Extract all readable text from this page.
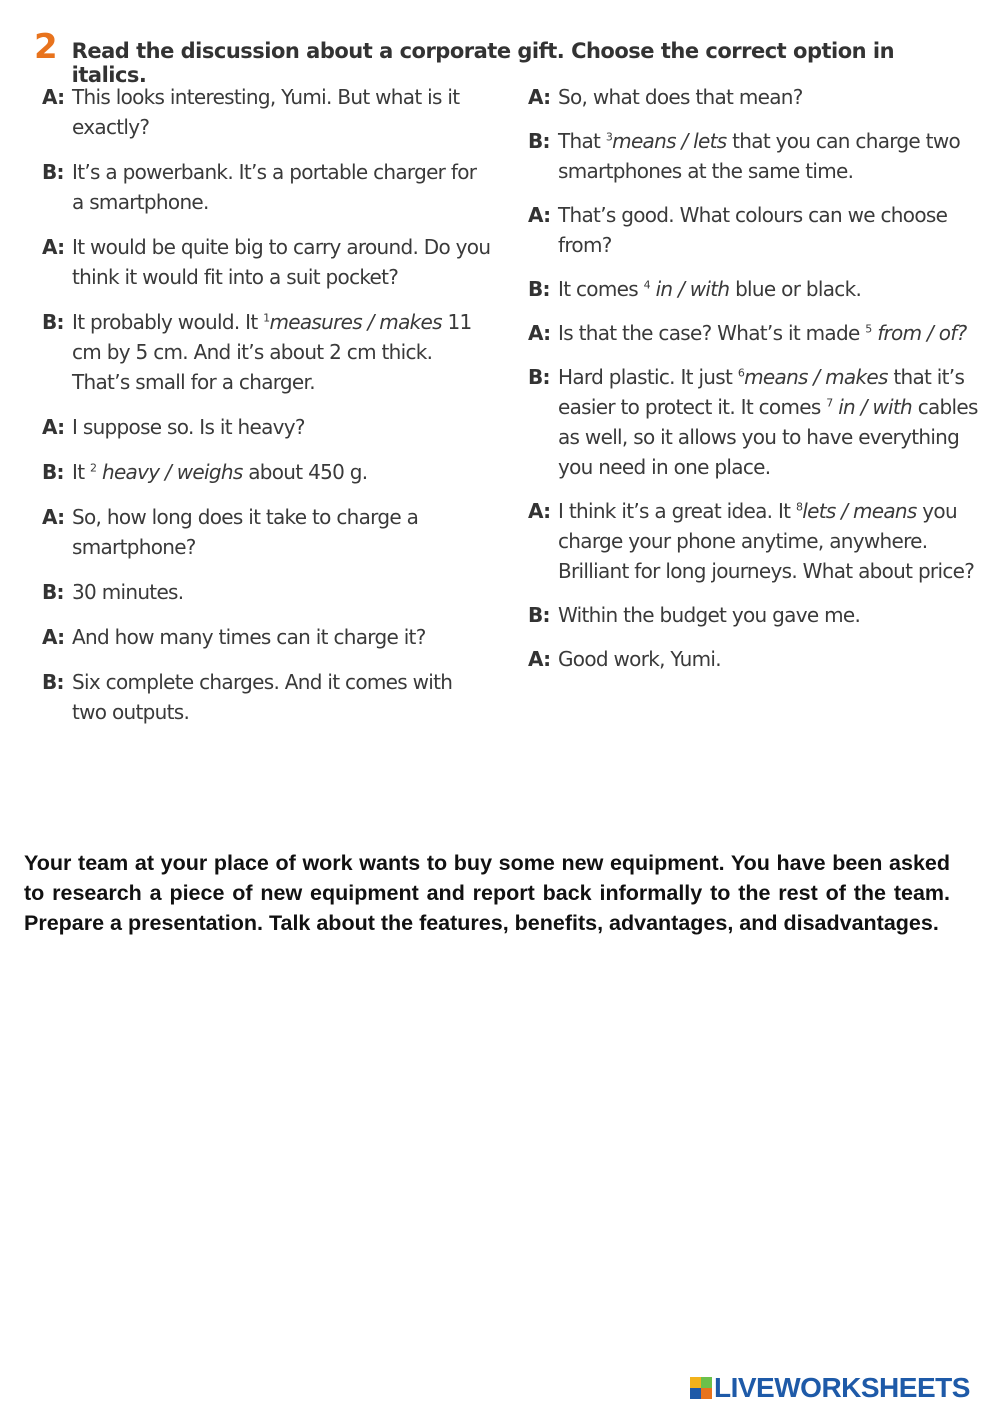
2 Read the discussion about a corporate gift. Choose the correct option in italics.
A: This looks interesting, Yumi. But what is it exactly?
B: It’s a powerbank. It’s a portable charger for a smartphone.
A: It would be quite big to carry around. Do you think it would fit into a suit pocket?
B: It probably would. It $^1$measures / makes 11 cm by 5 cm. And it’s about 2 cm thick. That’s small for a charger.
A: I suppose so. Is it heavy?
B: It $^2$ heavy / weighs about 450 g.
A: So, how long does it take to charge a smartphone?
B: 30 minutes.
A: And how many times can it charge it?
B: Six complete charges. And it comes with two outputs.
A: So, what does that mean?
B: That $^3$means / lets that you can charge two smartphones at the same time.
A: That’s good. What colours can we choose from?
B: It comes $^4$ in / with blue or black.
A: Is that the case? What’s it made $^5$ from / of?
B: Hard plastic. It just $^6$means / makes that it’s easier to protect it. It comes $^7$ in / with cables as well, so it allows you to have everything you need in one place.
A: I think it’s a great idea. It $^8$lets / means you charge your phone anytime, anywhere. Brilliant for long journeys. What about price?
B: Within the budget you gave me.
A: Good work, Yumi.

Your team at your place of work wants to buy some new equipment. You have been asked to research a piece of new equipment and report back informally to the rest of the team. Prepare a presentation. Talk about the features, benefits, advantages, and disadvantages.

LIVEWORKSHEETS
